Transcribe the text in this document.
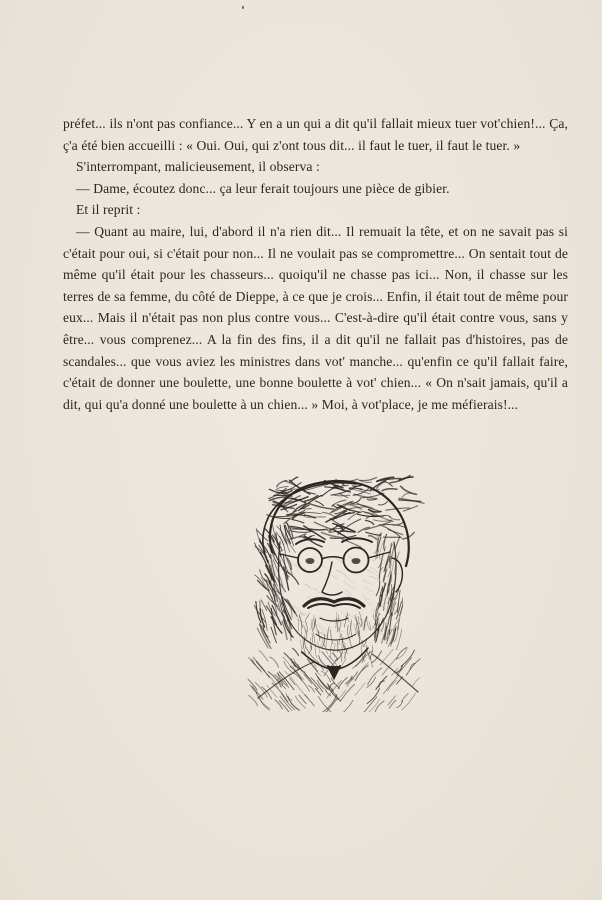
préfet... ils n'ont pas confiance... Y en a un qui a dit qu'il fallait mieux tuer vot'chien!... Ça, ç'a été bien accueilli : « Oui. Oui, qui z'ont tous dit... il faut le tuer, il faut le tuer. »

S'interrompant, malicieusement, il observa :

— Dame, écoutez donc... ça leur ferait toujours une pièce de gibier.

Et il reprit :

— Quant au maire, lui, d'abord il n'a rien dit... Il remuait la tête, et on ne savait pas si c'était pour oui, si c'était pour non... Il ne voulait pas se compromettre... On sentait tout de même qu'il était pour les chasseurs... quoiqu'il ne chasse pas ici... Non, il chasse sur les terres de sa femme, du côté de Dieppe, à ce que je crois... Enfin, il était tout de même pour eux... Mais il n'était pas non plus contre vous... C'est-à-dire qu'il était contre vous, sans y être... vous comprenez... A la fin des fins, il a dit qu'il ne fallait pas d'histoires, pas de scandales... que vous aviez les ministres dans vot' manche... qu'enfin ce qu'il fallait faire, c'était de donner une boulette, une bonne boulette à vot' chien... « On n'sait jamais, qu'il a dit, qui qu'a donné une boulette à un chien... » Moi, à vot'place, je me méfierais!...
